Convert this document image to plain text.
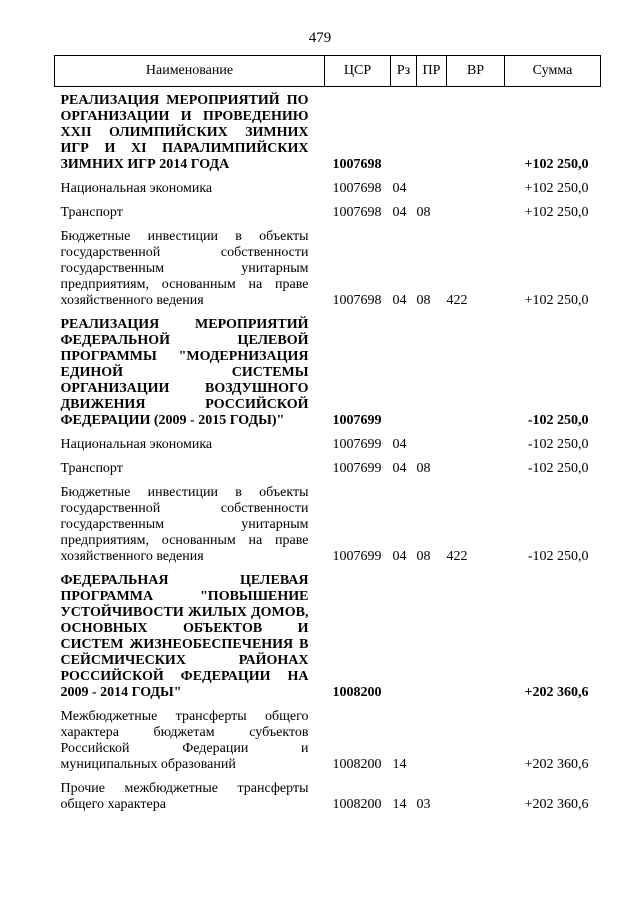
479
Наименование	ЦСР	Рз	ПР	ВР	Сумма
РЕАЛИЗАЦИЯ МЕРОПРИЯТИЙ ПО ОРГАНИЗАЦИИ И ПРОВЕДЕНИЮ XXII ОЛИМПИЙСКИХ ЗИМНИХ ИГР И XI ПАРАЛИМПИЙСКИХ ЗИМНИХ ИГР 2014 ГОДА	1007698				+102 250,0

Национальная экономика	1007698	04			+102 250,0

Транспорт	1007698	04	08		+102 250,0

Бюджетные инвестиции в объекты государственной собственности государственным унитарным предприятиям, основанным на праве хозяйственного ведения	1007698	04	08	422	+102 250,0

РЕАЛИЗАЦИЯ МЕРОПРИЯТИЙ ФЕДЕРАЛЬНОЙ ЦЕЛЕВОЙ ПРОГРАММЫ "МОДЕРНИЗАЦИЯ ЕДИНОЙ СИСТЕМЫ ОРГАНИЗАЦИИ ВОЗДУШНОГО ДВИЖЕНИЯ РОССИЙСКОЙ ФЕДЕРАЦИИ (2009 - 2015 ГОДЫ)"	1007699				-102 250,0

Национальная экономика	1007699	04			-102 250,0

Транспорт	1007699	04	08		-102 250,0

Бюджетные инвестиции в объекты государственной собственности государственным унитарным предприятиям, основанным на праве хозяйственного ведения	1007699	04	08	422	-102 250,0

ФЕДЕРАЛЬНАЯ ЦЕЛЕВАЯ ПРОГРАММА "ПОВЫШЕНИЕ УСТОЙЧИВОСТИ ЖИЛЫХ ДОМОВ, ОСНОВНЫХ ОБЪЕКТОВ И СИСТЕМ ЖИЗНЕОБЕСПЕЧЕНИЯ В СЕЙСМИЧЕСКИХ РАЙОНАХ РОССИЙСКОЙ ФЕДЕРАЦИИ НА 2009 - 2014 ГОДЫ"	1008200				+202 360,6

Межбюджетные трансферты общего характера бюджетам субъектов Российской Федерации и муниципальных образований	1008200	14			+202 360,6

Прочие межбюджетные трансферты общего характера	1008200	14	03		+202 360,6
